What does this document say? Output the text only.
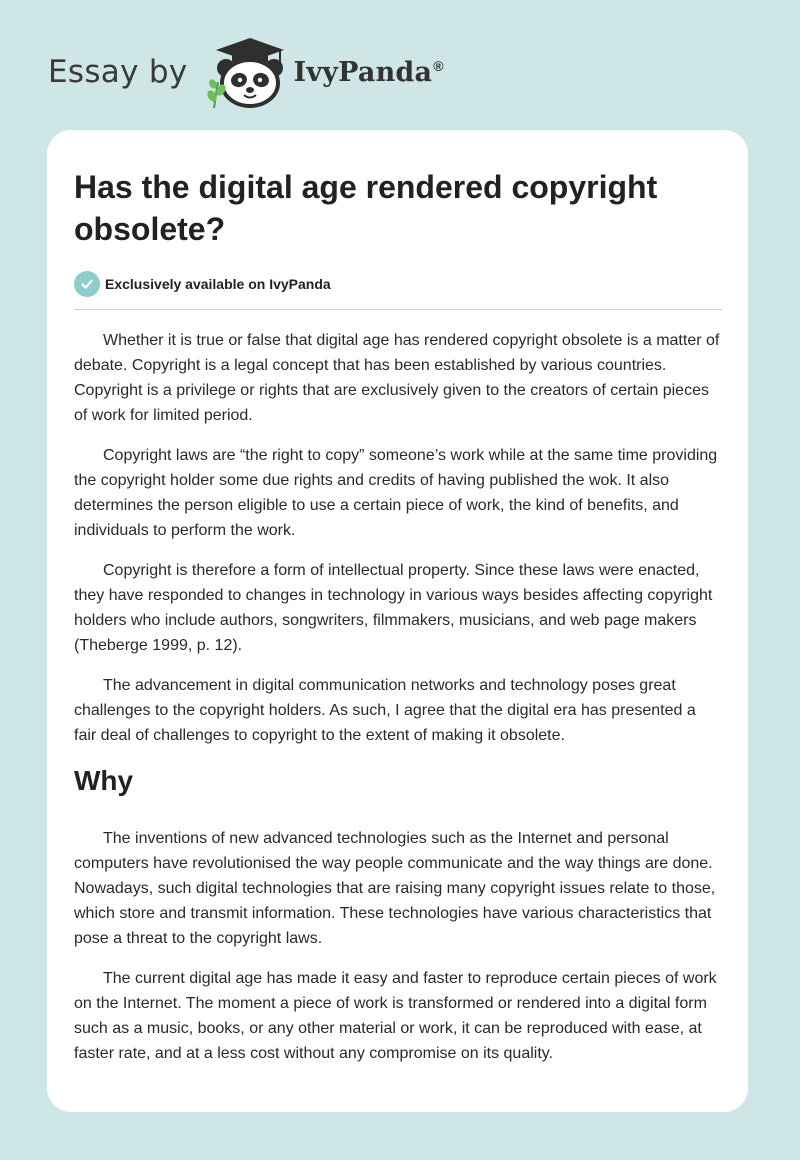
Essay by	IvyPanda®
Has the digital age rendered copyright obsolete?
Exclusively available on IvyPanda

Whether it is true or false that digital age has rendered copyright obsolete is a matter of debate. Copyright is a legal concept that has been established by various countries. Copyright is a privilege or rights that are exclusively given to the creators of certain pieces of work for limited period.

Copyright laws are “the right to copy” someone’s work while at the same time providing the copyright holder some due rights and credits of having published the wok. It also determines the person eligible to use a certain piece of work, the kind of benefits, and individuals to perform the work.

Copyright is therefore a form of intellectual property. Since these laws were enacted, they have responded to changes in technology in various ways besides affecting copyright holders who include authors, songwriters, filmmakers, musicians, and web page makers (Theberge 1999, p. 12).

The advancement in digital communication networks and technology poses great challenges to the copyright holders. As such, I agree that the digital era has presented a fair deal of challenges to copyright to the extent of making it obsolete.

Why

The inventions of new advanced technologies such as the Internet and personal computers have revolutionised the way people communicate and the way things are done. Nowadays, such digital technologies that are raising many copyright issues relate to those, which store and transmit information. These technologies have various characteristics that pose a threat to the copyright laws.

The current digital age has made it easy and faster to reproduce certain pieces of work on the Internet. The moment a piece of work is transformed or rendered into a digital form such as a music, books, or any other material or work, it can be reproduced with ease, at faster rate, and at a less cost without any compromise on its quality.
